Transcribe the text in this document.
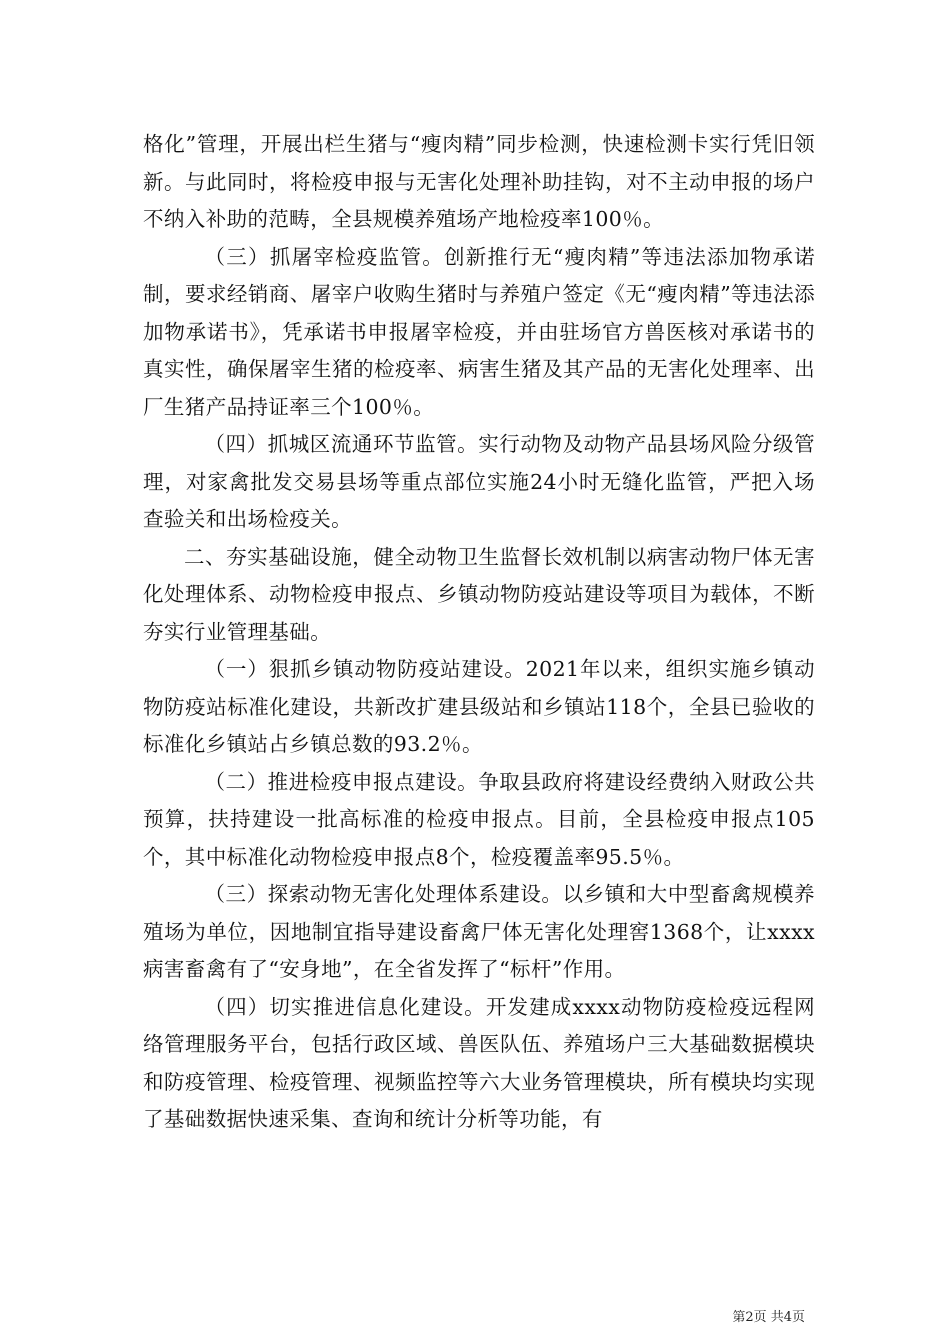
格化”管理，开展出栏生猪与“瘦肉精”同步检测，快速检测卡实行凭旧领新。与此同时，将检疫申报与无害化处理补助挂钩，对不主动申报的场户不纳入补助的范畴，全县规模养殖场产地检疫率100％。

（三）抓屠宰检疫监管。创新推行无“瘦肉精”等违法添加物承诺制，要求经销商、屠宰户收购生猪时与养殖户签定《无“瘦肉精”等违法添加物承诺书》，凭承诺书申报屠宰检疫，并由驻场官方兽医核对承诺书的真实性，确保屠宰生猪的检疫率、病害生猪及其产品的无害化处理率、出厂生猪产品持证率三个100％。

（四）抓城区流通环节监管。实行动物及动物产品县场风险分级管理，对家禽批发交易县场等重点部位实施24小时无缝化监管，严把入场查验关和出场检疫关。

二、夯实基础设施，健全动物卫生监督长效机制以病害动物尸体无害化处理体系、动物检疫申报点、乡镇动物防疫站建设等项目为载体，不断夯实行业管理基础。

（一）狠抓乡镇动物防疫站建设。2021年以来，组织实施乡镇动物防疫站标准化建设，共新改扩建县级站和乡镇站118个，全县已验收的标准化乡镇站占乡镇总数的93.2％。

（二）推进检疫申报点建设。争取县政府将建设经费纳入财政公共预算，扶持建设一批高标准的检疫申报点。目前，全县检疫申报点105个，其中标准化动物检疫申报点8个，检疫覆盖率95.5％。

（三）探索动物无害化处理体系建设。以乡镇和大中型畜禽规模养殖场为单位，因地制宜指导建设畜禽尸体无害化处理窖1368个，让xxxx病害畜禽有了“安身地”，在全省发挥了“标杆”作用。

（四）切实推进信息化建设。开发建成xxxx动物防疫检疫远程网络管理服务平台，包括行政区域、兽医队伍、养殖场户三大基础数据模块和防疫管理、检疫管理、视频监控等六大业务管理模块，所有模块均实现了基础数据快速采集、查询和统计分析等功能，有

第2页 共4页
